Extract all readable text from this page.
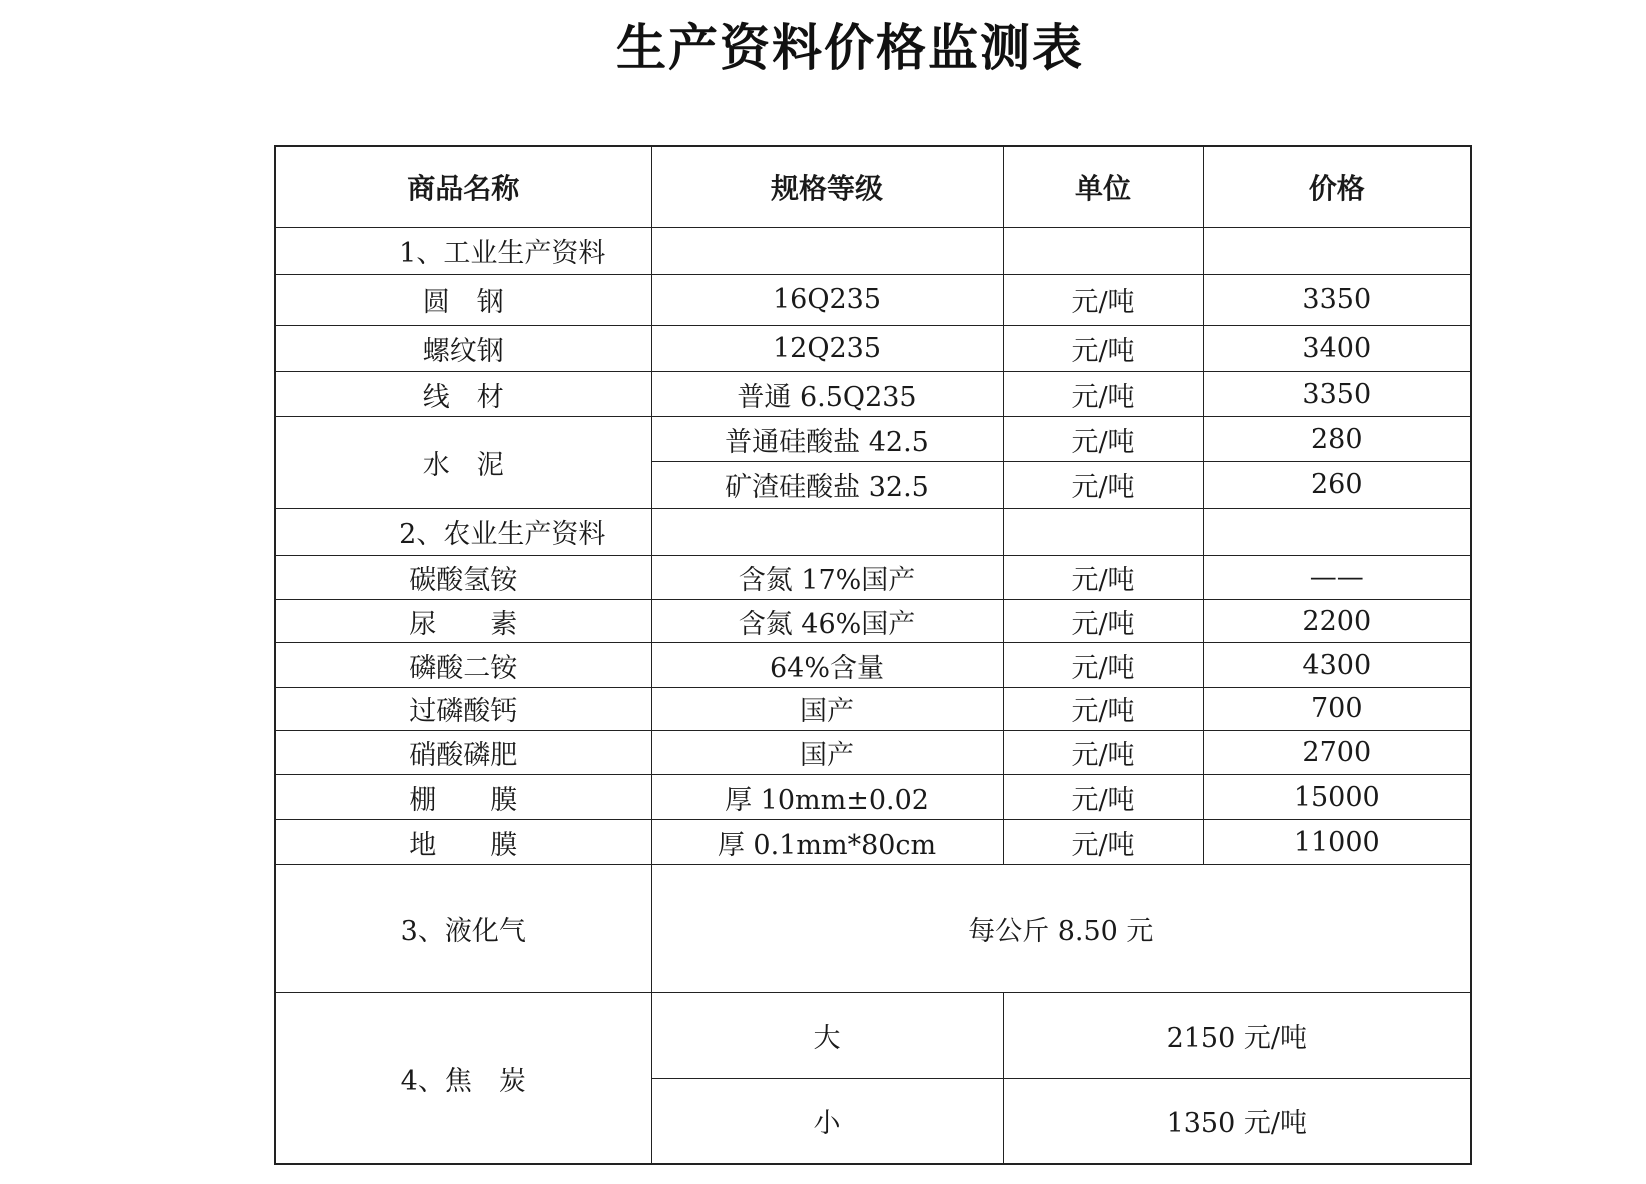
生产资料价格监测表
商品名称	规格等级	单位	价格
1、工业生产资料			
圆　钢	16Q235	元/吨	3350
螺纹钢	12Q235	元/吨	3400
线　材	普通 6.5Q235	元/吨	3350
水　泥	普通硅酸盐 42.5	元/吨	280
	矿渣硅酸盐 32.5	元/吨	260
2、农业生产资料			
碳酸氢铵	含氮 17%国产	元/吨	——
尿　　素	含氮 46%国产	元/吨	2200
磷酸二铵	64%含量	元/吨	4300
过磷酸钙	国产	元/吨	700
硝酸磷肥	国产	元/吨	2700
棚　　膜	厚 10mm±0.02	元/吨	15000
地　　膜	厚 0.1mm*80cm	元/吨	11000
3、液化气	每公斤 8.50 元		
4、焦　炭	大	2150 元/吨	
	小	1350 元/吨	
